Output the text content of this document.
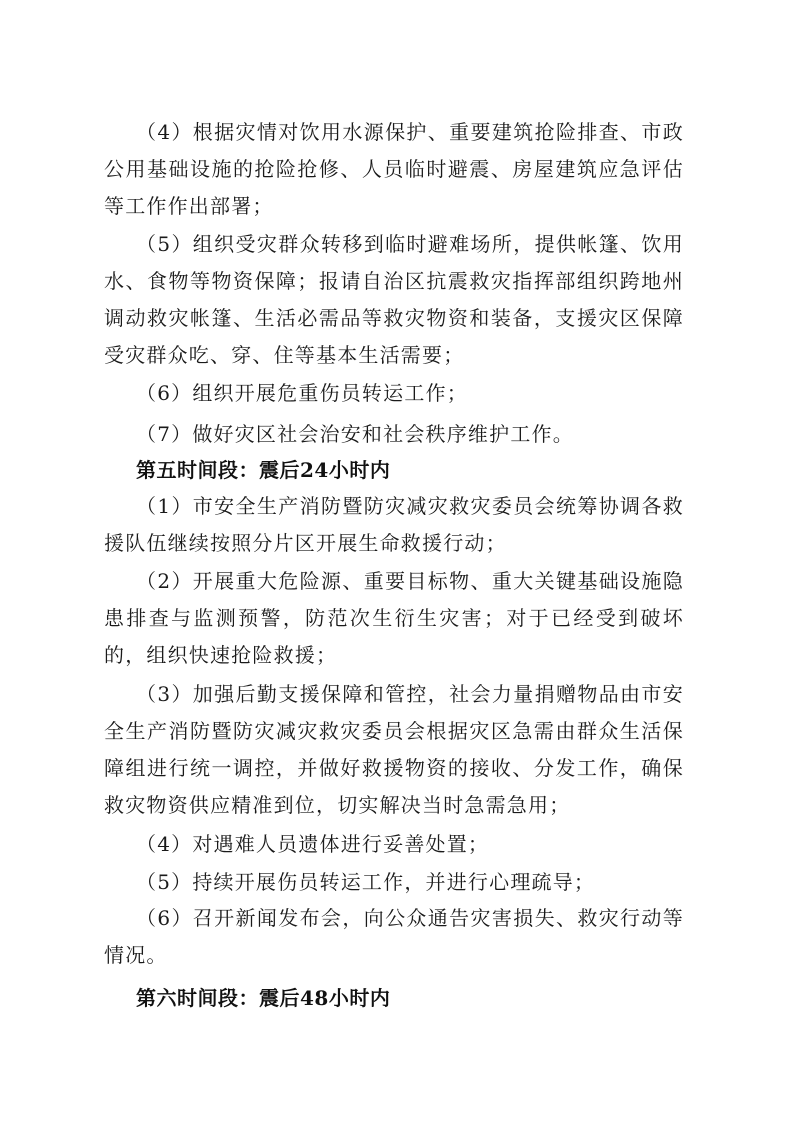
（4）根据灾情对饮用水源保护、重要建筑抢险排查、市政公用基础设施的抢险抢修、人员临时避震、房屋建筑应急评估等工作作出部署；

（5）组织受灾群众转移到临时避难场所，提供帐篷、饮用水、食物等物资保障；报请自治区抗震救灾指挥部组织跨地州调动救灾帐篷、生活必需品等救灾物资和装备，支援灾区保障受灾群众吃、穿、住等基本生活需要；

（6）组织开展危重伤员转运工作；

（7）做好灾区社会治安和社会秩序维护工作。

第五时间段：震后24小时内

（1）市安全生产消防暨防灾减灾救灾委员会统筹协调各救援队伍继续按照分片区开展生命救援行动；

（2）开展重大危险源、重要目标物、重大关键基础设施隐患排查与监测预警，防范次生衍生灾害；对于已经受到破坏的，组织快速抢险救援；

（3）加强后勤支援保障和管控，社会力量捐赠物品由市安全生产消防暨防灾减灾救灾委员会根据灾区急需由群众生活保障组进行统一调控，并做好救援物资的接收、分发工作，确保救灾物资供应精准到位，切实解决当时急需急用；

（4）对遇难人员遗体进行妥善处置；

（5）持续开展伤员转运工作，并进行心理疏导；

（6）召开新闻发布会，向公众通告灾害损失、救灾行动等情况。

第六时间段：震后48小时内
